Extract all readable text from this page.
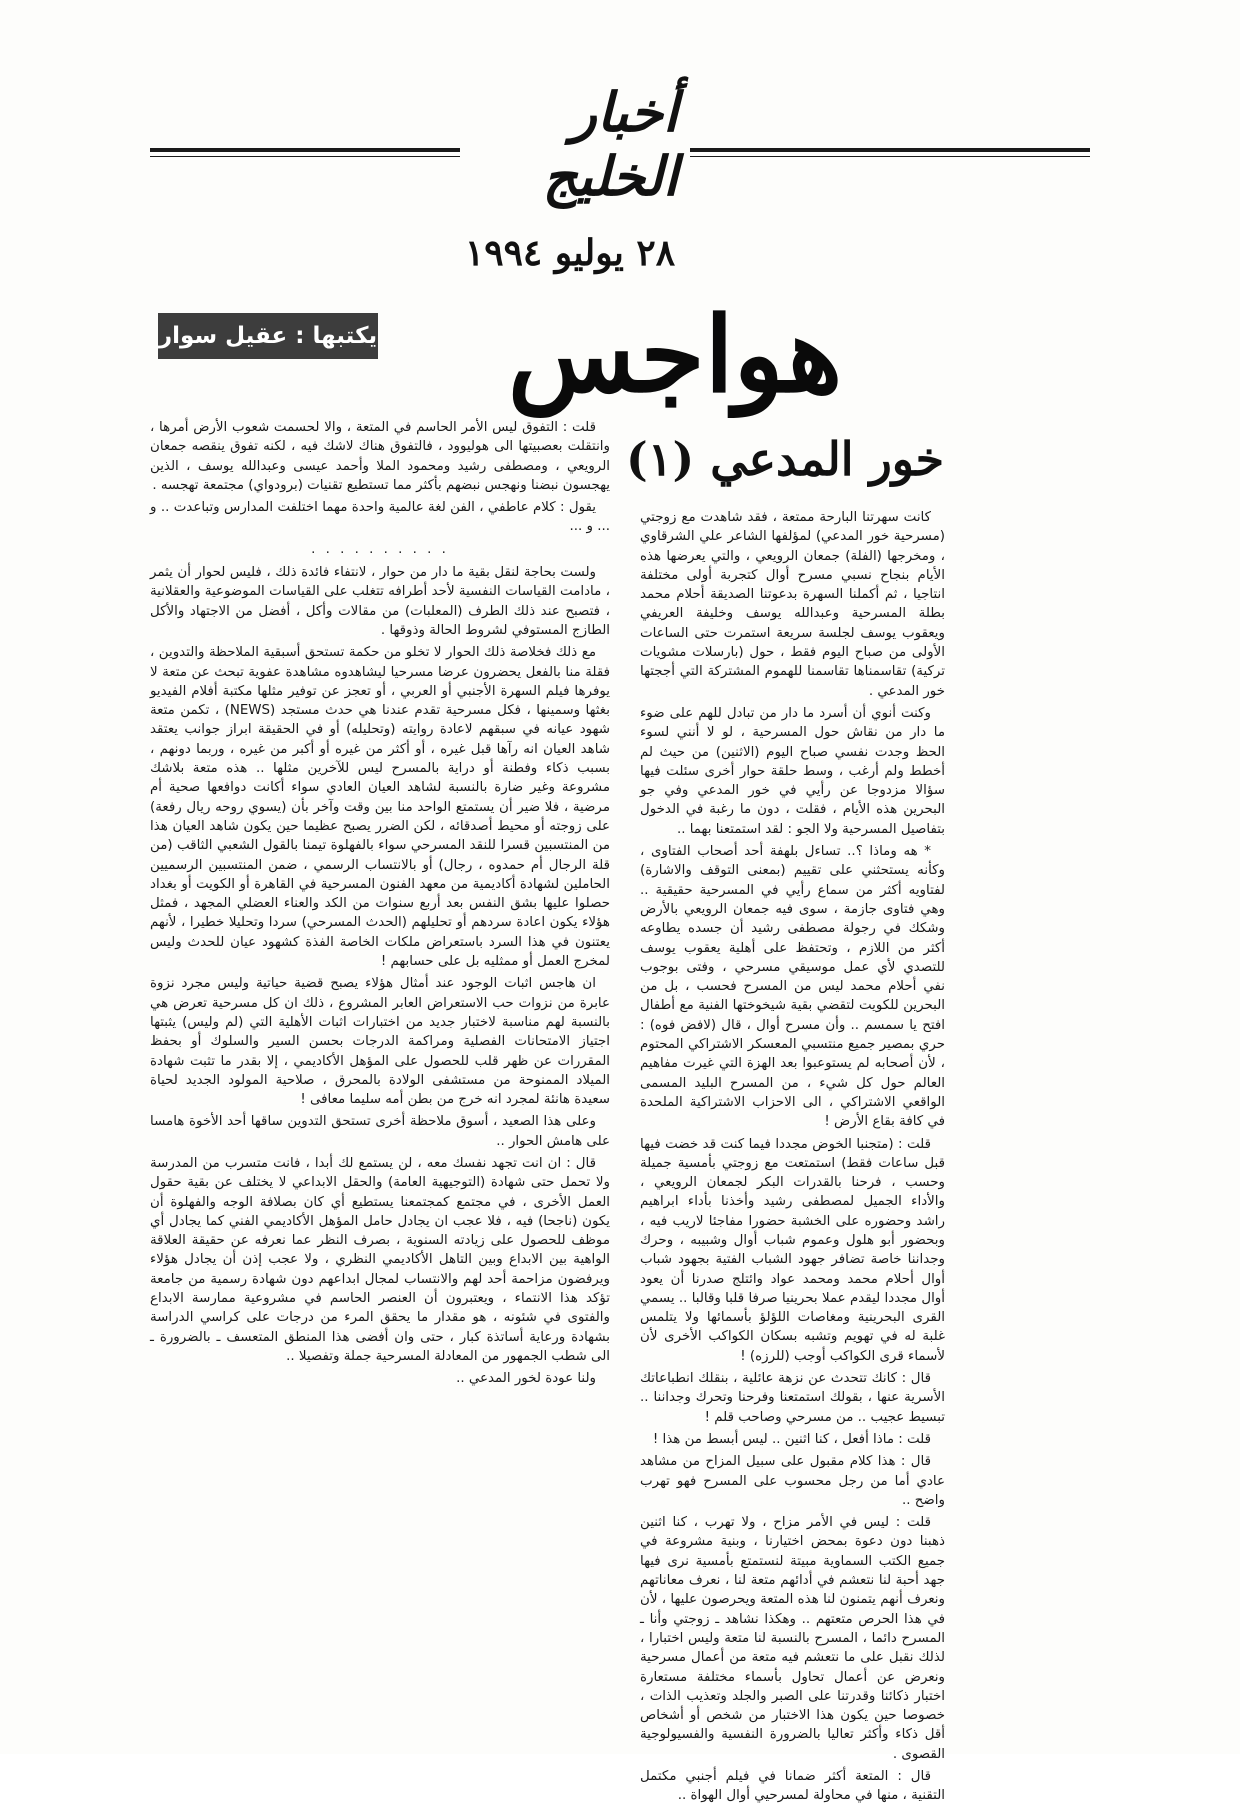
أخبار الخليج
٢٨ يوليو ١٩٩٤
هواجس
يكتبها : عقيل سوار
خور المدعي (١)

كانت سهرتنا البارحة ممتعة ، فقد شاهدت مع زوجتي (مسرحية خور المدعي) لمؤلفها الشاعر علي الشرقاوي ، ومخرجها (الفلة) جمعان الرويعي ، والتي يعرضها هذه الأيام بنجاح نسبي مسرح أوال كتجربة أولى مختلفة انتاجيا ، ثم أكملنا السهرة بدعوتنا الصديقة أحلام محمد بطلة المسرحية وعبدالله يوسف وخليفة العريفي ويعقوب يوسف لجلسة سريعة استمرت حتى الساعات الأولى من صباح اليوم فقط ، حول (بارسلات مشويات تركية) تقاسمناها تقاسمنا للهموم المشتركة التي أججتها خور المدعي .

وكنت أنوي أن أسرد ما دار من تبادل للهم على ضوء ما دار من نقاش حول المسرحية ، لو لا أنني لسوء الحظ وجدت نفسي صباح اليوم (الاثنين) من حيث لم أخطط ولم أرغب ، وسط حلقة حوار أخرى سئلت فيها سؤالا مزدوجا عن رأيي في خور المدعي وفي جو البحرين هذه الأيام ، فقلت ، دون ما رغبة في الدخول بتفاصيل المسرحية ولا الجو : لقد استمتعنا بهما ..

* هه وماذا ؟.. تساءل بلهفة أحد أصحاب الفتاوى ، وكأنه يستحثني على تقييم (بمعنى التوقف والاشارة) لفتاويه أكثر من سماع رأيي في المسرحية حقيقية .. وهي فتاوى جازمة ، سوى فيه جمعان الرويعي بالأرض وشكك في رجولة مصطفى رشيد أن جسده يطاوعه أكثر من اللازم ، وتحتفظ على أهلية يعقوب يوسف للتصدي لأي عمل موسيقي مسرحي ، وفتى بوجوب نفي أحلام محمد ليس من المسرح فحسب ، بل من البحرين للكويت لتقضي بقية شيخوختها الفنية مع أطفال افتح يا سمسم .. وأن مسرح أوال ، قال (لافض فوه) : حري بمصير جميع منتسبي المعسكر الاشتراكي المحتوم ، لأن أصحابه لم يستوعبوا بعد الهزة التي غيرت مفاهيم العالم حول كل شيء ، من المسرح البليد المسمى الواقعي الاشتراكي ، الى الاحزاب الاشتراكية الملحدة في كافة بقاع الأرض !

قلت : (متجنبا الخوض مجددا فيما كنت قد خضت فيها قبل ساعات فقط) استمتعت مع زوجتي بأمسية جميلة وحسب ، فرحنا بالقدرات البكر لجمعان الرويعي ، والأداء الجميل لمصطفى رشيد وأخذنا بأداء ابراهيم راشد وحضوره على الخشبة حضورا مفاجئا لاريب فيه ، وبحضور أبو هلول وعموم شباب أوال وشبيبه ، وحرك وجداننا خاصة تضافر جهود الشباب الفتية بجهود شباب أوال أحلام محمد ومحمد عواد وائتلج صدرنا أن يعود أوال مجددا ليقدم عملا بحرينيا صرفا قلبا وقالبا .. يسمي القرى البحرينية ومغاصات اللؤلؤ بأسمائها ولا يتلمس غلبة له في تهويم وتشبه بسكان الكواكب الأخرى لأن لأسماء قرى الكواكب أوجب (للرزه) !

قال : كانك تتحدث عن نزهة عائلية ، بنقلك انطباعاتك الأسرية عنها ، بقولك استمتعنا وفرحنا وتحرك وجداننا .. تبسيط عجيب .. من مسرحي وصاحب قلم !

قلت : ماذا أفعل ، كنا اثنين .. ليس أبسط من هذا !

قال : هذا كلام مقبول على سبيل المزاح من مشاهد عادي أما من رجل محسوب على المسرح فهو تهرب واضح ..

قلت : ليس في الأمر مزاح ، ولا تهرب ، كنا اثنين ذهبنا دون دعوة بمحض اختيارنا ، وبنية مشروعة في جميع الكتب السماوية مبيتة لنستمتع بأمسية نرى فيها جهد أحبة لنا نتعشم في أدائهم متعة لنا ، نعرف معاناتهم ونعرف أنهم يتمنون لنا هذه المتعة ويحرصون عليها ، لأن في هذا الحرص متعتهم .. وهكذا نشاهد ـ زوجتي وأنا ـ المسرح دائما ، المسرح بالنسبة لنا متعة وليس اختبارا ، لذلك نقبل على ما نتعشم فيه متعة من أعمال مسرحية ونعرض عن أعمال تحاول بأسماء مختلفة مستعارة اختبار ذكائنا وقدرتنا على الصبر والجلد وتعذيب الذات ، خصوصا حين يكون هذا الاختبار من شخص أو أشخاص أقل ذكاء وأكثر تعاليا بالضرورة النفسية والفسيولوجية القصوى .

قال : المتعة أكثر ضمانا في فيلم أجنبي مكتمل التقنية ، منها في محاولة لمسرحيي أوال الهواة ..

قلت : التفوق ليس الأمر الحاسم في المتعة ، والا لحسمت شعوب الأرض أمرها ، وانتقلت بعصبيتها الى هوليوود ، فالتفوق هناك لاشك فيه ، لكنه تفوق ينقصه جمعان الرويعي ، ومصطفى رشيد ومحمود الملا وأحمد عيسى وعبدالله يوسف ، الذين يهجسون نبضنا ونهجس نبضهم بأكثر مما تستطيع تقنيات (برودواي) مجتمعة تهجسه .

يقول : كلام عاطفي ، الفن لغة عالمية واحدة مهما اختلفت المدارس وتباعدت .. و ... و ...

. . . . . . . . . .

ولست بحاجة لنقل بقية ما دار من حوار ، لانتفاء فائدة ذلك ، فليس لحوار أن يثمر ، مادامت القياسات النفسية لأحد أطرافه تتغلب على القياسات الموضوعية والعقلانية ، فتصبح عند ذلك الطرف (المعلبات) من مقالات وأكل ، أفضل من الاجتهاد والأكل الطازج المستوفي لشروط الحالة وذوقها .

مع ذلك فخلاصة ذلك الحوار لا تخلو من حكمة تستحق أسبقية الملاحظة والتدوين ، فقلة منا بالفعل يحضرون عرضا مسرحيا ليشاهدوه مشاهدة عفوية تبحث عن متعة لا يوفرها فيلم السهرة الأجنبي أو العربي ، أو تعجز عن توفير مثلها مكتبة أفلام الفيديو بغثها وسمينها ، فكل مسرحية تقدم عندنا هي حدث مستجد (NEWS) ، تكمن متعة شهود عيانه في سبقهم لاعادة روايته (وتحليله) أو في الحقيقة ابراز جوانب يعتقد شاهد العيان انه رآها قبل غيره ، أو أكثر من غيره أو أكبر من غيره ، وربما دونهم ، بسبب ذكاء وفطنة أو دراية بالمسرح ليس للآخرين مثلها .. هذه متعة بلاشك مشروعة وغير ضارة بالنسبة لشاهد العيان العادي سواء أكانت دوافعها صحية أم مرضية ، فلا ضير أن يستمتع الواحد منا بين وقت وآخر بأن (يسوي روحه ريال رفعة) على زوجته أو محيط أصدقائه ، لكن الضرر يصبح عظيما حين يكون شاهد العيان هذا من المنتسبين قسرا للنقد المسرحي سواء بالفهلوة تيمنا بالقول الشعبي الثاقب (من قلة الرجال أم حمدوه ، رجال) أو بالانتساب الرسمي ، ضمن المنتسبين الرسميين الحاملين لشهادة أكاديمية من معهد الفنون المسرحية في القاهرة أو الكويت أو بغداد حصلوا عليها بشق النفس بعد أربع سنوات من الكد والعناء العضلي المجهد ، فمثل هؤلاء يكون اعادة سردهم أو تحليلهم (الحدث المسرحي) سردا وتحليلا خطيرا ، لأنهم يعتنون في هذا السرد باستعراض ملكات الخاصة الفذة كشهود عيان للحدث وليس لمخرج العمل أو ممثليه بل على حسابهم !

ان هاجس اثبات الوجود عند أمثال هؤلاء يصبح قضية حياتية وليس مجرد نزوة عابرة من نزوات حب الاستعراض العابر المشروع ، ذلك ان كل مسرحية تعرض هي بالنسبة لهم مناسبة لاختبار جديد من اختبارات اثبات الأهلية التي (لم وليس) يثبتها اجتياز الامتحانات الفصلية ومراكمة الدرجات بحسن السير والسلوك أو بحفظ المقررات عن ظهر قلب للحصول على المؤهل الأكاديمي ، إلا بقدر ما تثبت شهادة الميلاد الممنوحة من مستشفى الولادة بالمحرق ، صلاحية المولود الجديد لحياة سعيدة هانئة لمجرد انه خرج من بطن أمه سليما معافى !

وعلى هذا الصعيد ، أسوق ملاحظة أخرى تستحق التدوين ساقها أحد الأخوة هامسا على هامش الحوار ..

قال : ان انت تجهد نفسك معه ، لن يستمع لك أبدا ، فانت متسرب من المدرسة ولا تحمل حتى شهادة (التوجيهية العامة) والحقل الابداعي لا يختلف عن بقية حقول العمل الأخرى ، في مجتمع كمجتمعنا يستطيع أي كان بصلافة الوجه والفهلوة أن يكون (ناجحا) فيه ، فلا عجب ان يجادل حامل المؤهل الأكاديمي الفني كما يجادل أي موظف للحصول على زيادته السنوية ، بصرف النظر عما نعرفه عن حقيقة العلاقة الواهية بين الابداع وبين التاهل الأكاديمي النظري ، ولا عجب إذن أن يجادل هؤلاء ويرفضون مزاحمة أحد لهم والانتساب لمجال ابداعهم دون شهادة رسمية من جامعة تؤكد هذا الانتماء ، ويعتبرون أن العنصر الحاسم في مشروعية ممارسة الابداع والفتوى في شئونه ، هو مقدار ما يحقق المرء من درجات على كراسي الدراسة بشهادة ورعاية أساتذة كبار ، حتى وان أفضى هذا المنطق المتعسف ـ بالضرورة ـ الى شطب الجمهور من المعادلة المسرحية جملة وتفصيلا ..

ولنا عودة لخور المدعي ..
